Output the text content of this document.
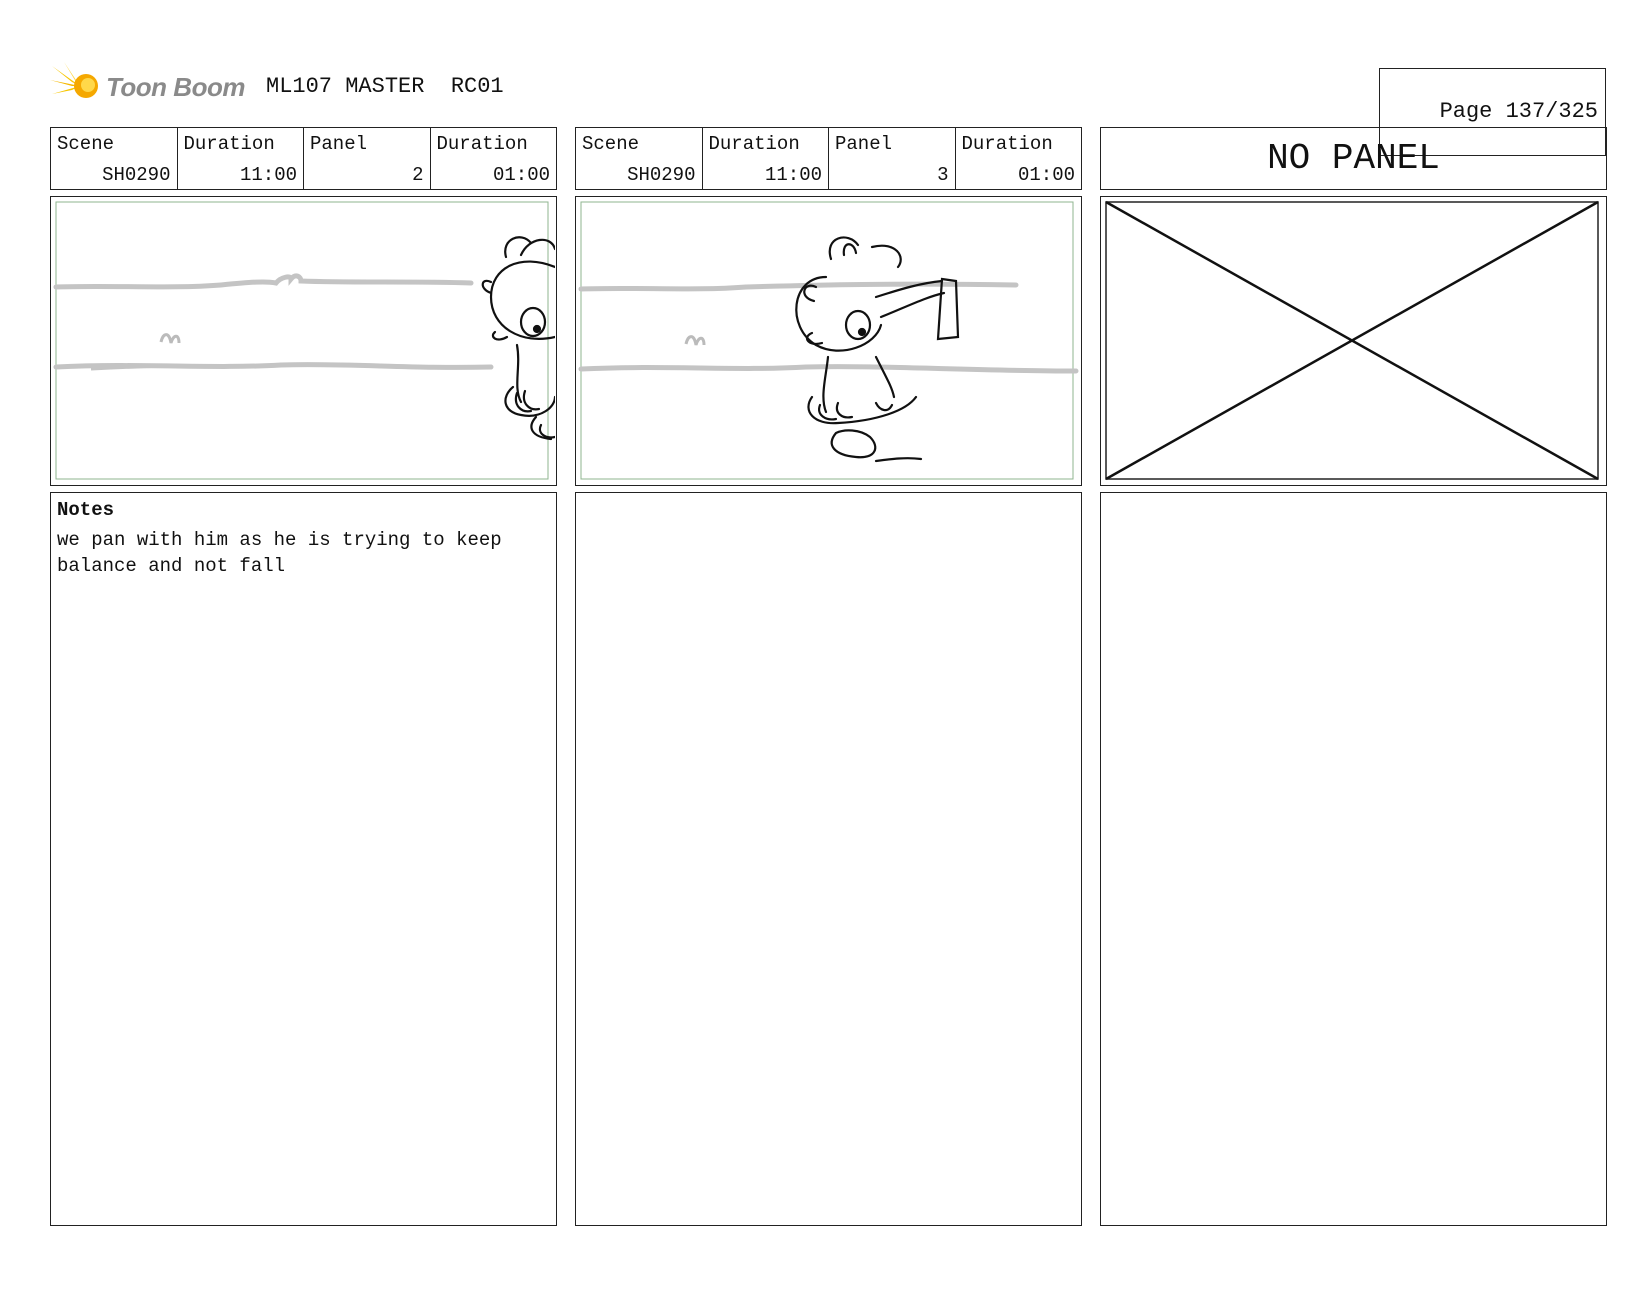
Toon Boom ML107 MASTER  RC01

Page 137/325

Scene
SH0290
Duration
11:00
Panel
2
Duration
01:00
Notes
we pan with him as he is trying to keep balance and not fall
Scene
SH0290
Duration
11:00
Panel
3
Duration
01:00	NO PANEL
